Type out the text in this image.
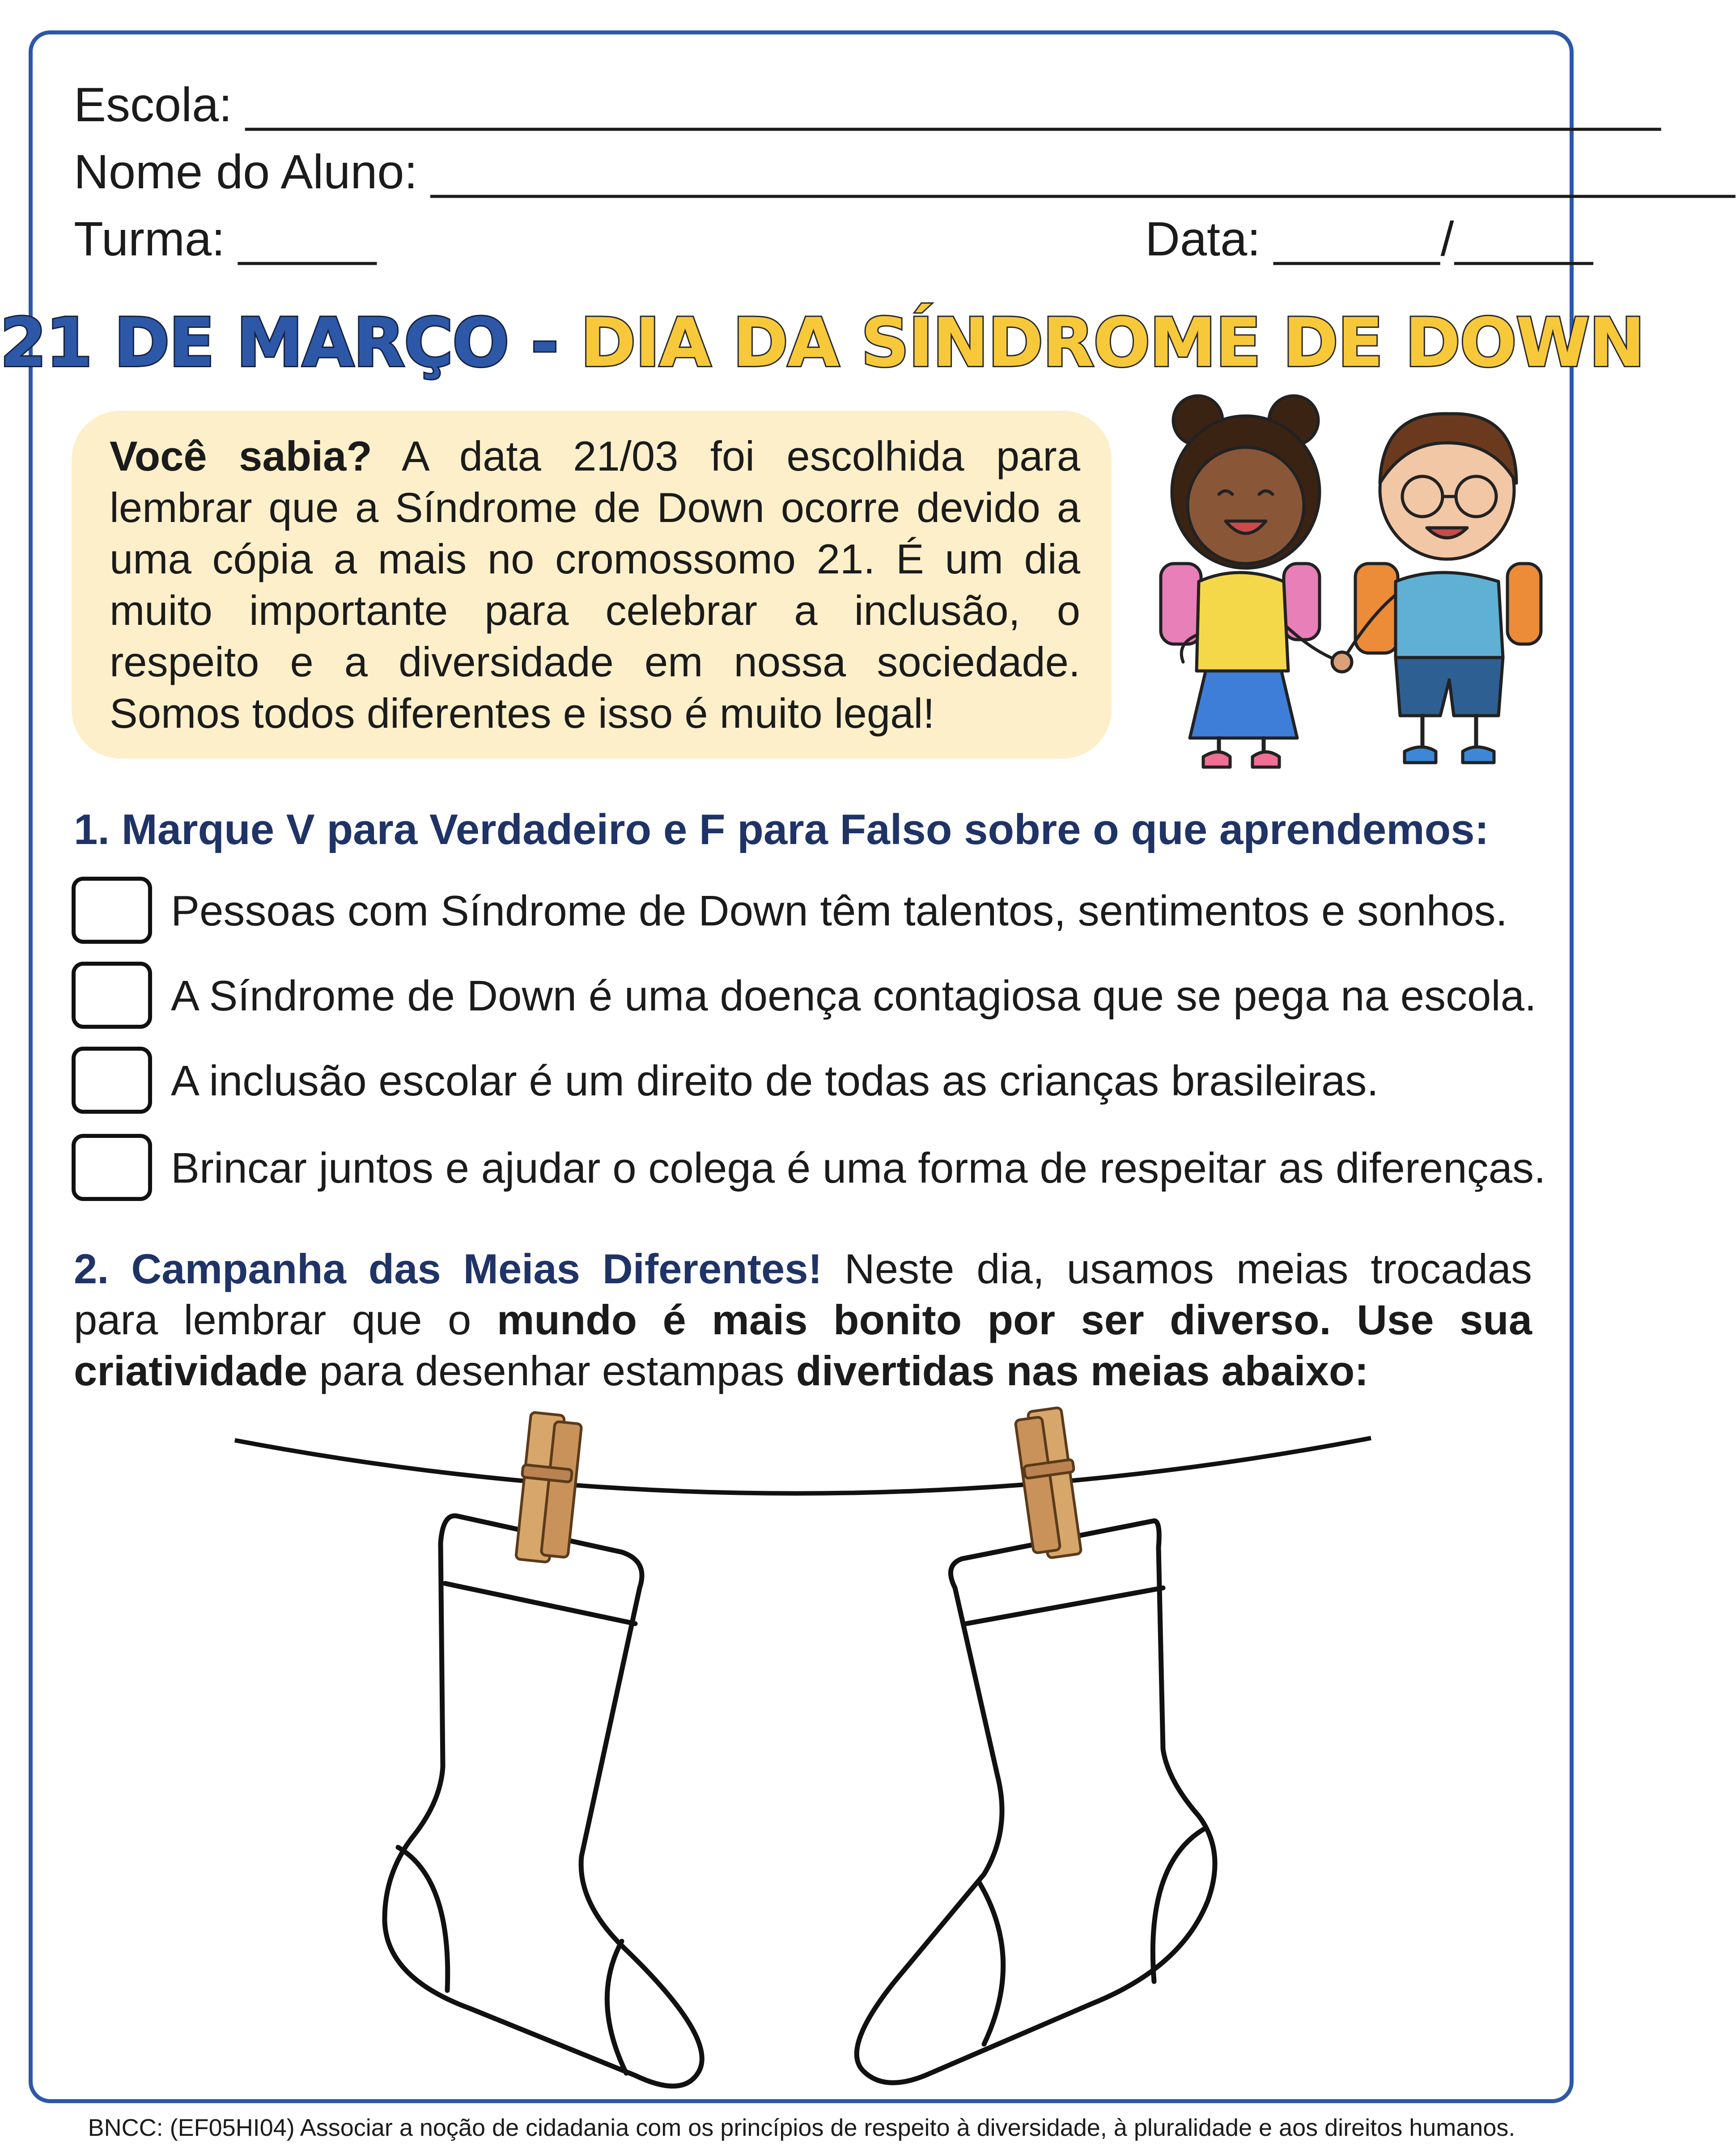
Escola: ___________________________________________________
Nome do Aluno: _______________________________________________
Turma: _____	Data: ______/_____
21 DE MARÇO - DIA DA SÍNDROME DE DOWN
Você sabia? A data 21/03 foi escolhida para lembrar que a Síndrome de Down ocorre devido a uma cópia a mais no cromossomo 21. É um dia muito importante para celebrar a inclusão, o respeito e a diversidade em nossa sociedade. Somos todos diferentes e isso é muito legal!
1. Marque V para Verdadeiro e F para Falso sobre o que aprendemos:
Pessoas com Síndrome de Down têm talentos, sentimentos e sonhos.
A Síndrome de Down é uma doença contagiosa que se pega na escola.
A inclusão escolar é um direito de todas as crianças brasileiras.
Brincar juntos e ajudar o colega é uma forma de respeitar as diferenças.
2. Campanha das Meias Diferentes! Neste dia, usamos meias trocadas para lembrar que o mundo é mais bonito por ser diverso. Use sua criatividade para desenhar estampas divertidas nas meias abaixo:
BNCC: (EF05HI04) Associar a noção de cidadania com os princípios de respeito à diversidade, à pluralidade e aos direitos humanos.
